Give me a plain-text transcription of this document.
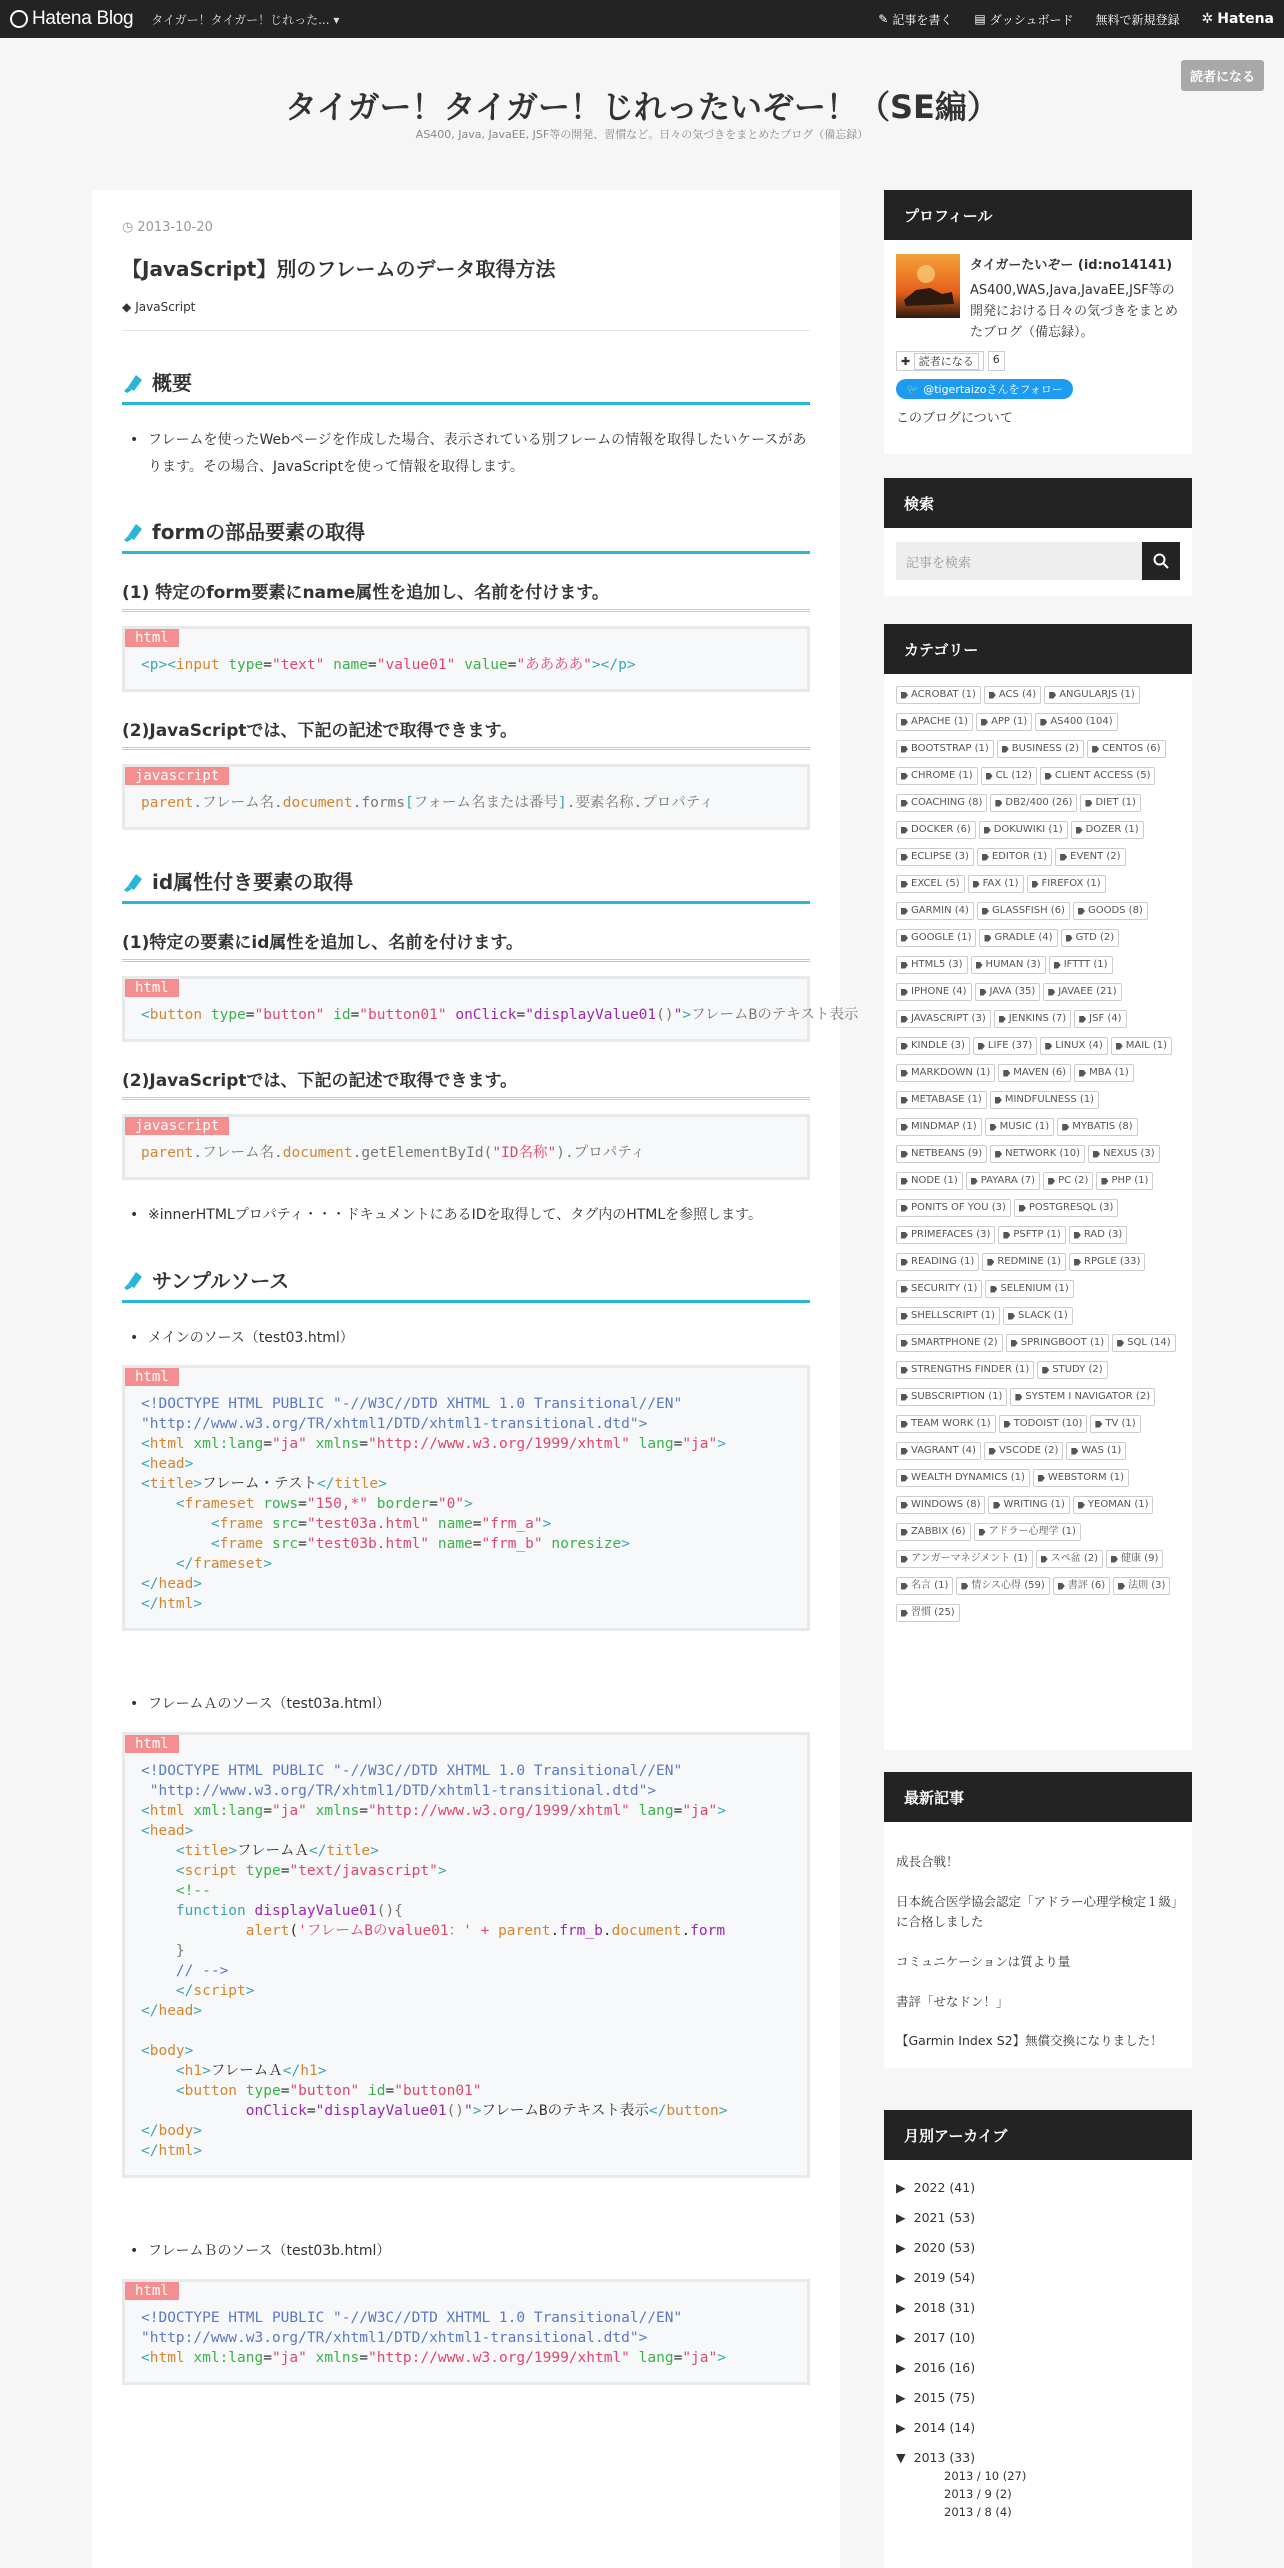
Hatena Blog タイガー！タイガー！じれった... ▾	✎ 記事を書く ▤ ダッシュボード 無料で新規登録 ✲ Hatena
読者になる
タイガー！タイガー！じれったいぞー！（SE編）
AS400, Java, JavaEE, JSF等の開発、習慣など。日々の気づきをまとめたブログ（備忘録）
◷ 2013-10-20
【JavaScript】別のフレームのデータ取得方法
◆ JavaScript
概要
• フレームを使ったWebページを作成した場合、表示されている別フレームの情報を取得したいケースがあります。その場合、JavaScriptを使って情報を取得します。
formの部品要素の取得
(1) 特定のform要素にname属性を追加し、名前を付けます。
html
<p><input type="text" name="value01" value="ああああ"></p>
(2)JavaScriptでは、下記の記述で取得できます。
javascript
parent.フレーム名.document.forms[フォーム名または番号].要素名称.プロパティ
id属性付き要素の取得
(1)特定の要素にid属性を追加し、名前を付けます。
html
<button type="button" id="button01" onClick="displayValue01()">フレームBのテキスト表示
(2)JavaScriptでは、下記の記述で取得できます。
javascript
parent.フレーム名.document.getElementById("ID名称").プロパティ
• ※innerHTMLプロパティ・・・ドキュメントにあるIDを取得して、タグ内のHTMLを参照します。
サンプルソース
• メインのソース（test03.html）
html
<!DOCTYPE HTML PUBLIC "-//W3C//DTD XHTML 1.0 Transitional//EN"
"http://www.w3.org/TR/xhtml1/DTD/xhtml1-transitional.dtd">
<html xml:lang="ja" xmlns="http://www.w3.org/1999/xhtml" lang="ja">
<head>
<title>フレーム・テスト</title>
<frameset rows="150,*" border="0">
<frame src="test03a.html" name="frm_a">
<frame src="test03b.html" name="frm_b" noresize>
</frameset>
</head>
</html>

• フレームＡのソース（test03a.html）
html
<!DOCTYPE HTML PUBLIC "-//W3C//DTD XHTML 1.0 Transitional//EN"
"http://www.w3.org/TR/xhtml1/DTD/xhtml1-transitional.dtd">
<html xml:lang="ja" xmlns="http://www.w3.org/1999/xhtml" lang="ja">
<head>
<title>フレームＡ</title>
<script type="text/javascript">
<!--
function displayValue01(){
alert('フレームBのvalue01：' + parent.frm_b.document.form
}
// -->
</script>
</head>

<body>
<h1>フレームＡ</h1>
<button type="button" id="button01"
onClick="displayValue01()">フレームBのテキスト表示</button>
</body>
</html>

• フレームＢのソース（test03b.html）
html
<!DOCTYPE HTML PUBLIC "-//W3C//DTD XHTML 1.0 Transitional//EN"
"http://www.w3.org/TR/xhtml1/DTD/xhtml1-transitional.dtd">
<html xml:lang="ja" xmlns="http://www.w3.org/1999/xhtml" lang="ja">
プロフィール
タイガーたいぞー (id:no14141)
AS400,WAS,Java,JavaEE,JSF等の開発における日々の気づきをまとめたブログ（備忘録）。
✚ 読者になる	6
🐦 @tigertaizoさんをフォロー
このブログについて
検索
記事を検索
カテゴリー
ACROBAT (1) ACS (4) ANGULARJS (1)
APACHE (1) APP (1) AS400 (104)
BOOTSTRAP (1) BUSINESS (2) CENTOS (6)
CHROME (1) CL (12) CLIENT ACCESS (5)
COACHING (8) DB2/400 (26) DIET (1)
DOCKER (6) DOKUWIKI (1) DOZER (1)
ECLIPSE (3) EDITOR (1) EVENT (2)
EXCEL (5) FAX (1) FIREFOX (1)
GARMIN (4) GLASSFISH (6) GOODS (8)
GOOGLE (1) GRADLE (4) GTD (2)
HTML5 (3) HUMAN (3) IFTTT (1)
IPHONE (4) JAVA (35) JAVAEE (21)
JAVASCRIPT (3) JENKINS (7) JSF (4)
KINDLE (3) LIFE (37) LINUX (4) MAIL (1)
MARKDOWN (1) MAVEN (6) MBA (1)
METABASE (1) MINDFULNESS (1)
MINDMAP (1) MUSIC (1) MYBATIS (8)
NETBEANS (9) NETWORK (10) NEXUS (3)
NODE (1) PAYARA (7) PC (2) PHP (1)
PONITS OF YOU (3) POSTGRESQL (3)
PRIMEFACES (3) PSFTP (1) RAD (3)
READING (1) REDMINE (1) RPGLE (33)
SECURITY (1) SELENIUM (1)
SHELLSCRIPT (1) SLACK (1)
SMARTPHONE (2) SPRINGBOOT (1) SQL (14)
STRENGTHS FINDER (1) STUDY (2)
SUBSCRIPTION (1) SYSTEM I NAVIGATOR (2)
TEAM WORK (1) TODOIST (10) TV (1)
VAGRANT (4) VSCODE (2) WAS (1)
WEALTH DYNAMICS (1) WEBSTORM (1)
WINDOWS (8) WRITING (1) YEOMAN (1)
ZABBIX (6) アドラー心理学 (1)
アンガーマネジメント (1) スペ盆 (2) 健康 (9)
名言 (1) 情シス心得 (59) 書評 (6) 法則 (3)
習慣 (25)
最新記事
成長合戦！
日本統合医学協会認定「アドラー心理学検定１級」に合格しました
コミュニケーションは質より量
書評「せなドン！」
【Garmin Index S2】無償交換になりました！
月別アーカイブ
▶ 2022 (41)
▶ 2021 (53)
▶ 2020 (53)
▶ 2019 (54)
▶ 2018 (31)
▶ 2017 (10)
▶ 2016 (16)
▶ 2015 (75)
▶ 2014 (14)
▼ 2013 (33)
2013 / 10 (27)
2013 / 9 (2)
2013 / 8 (4)
